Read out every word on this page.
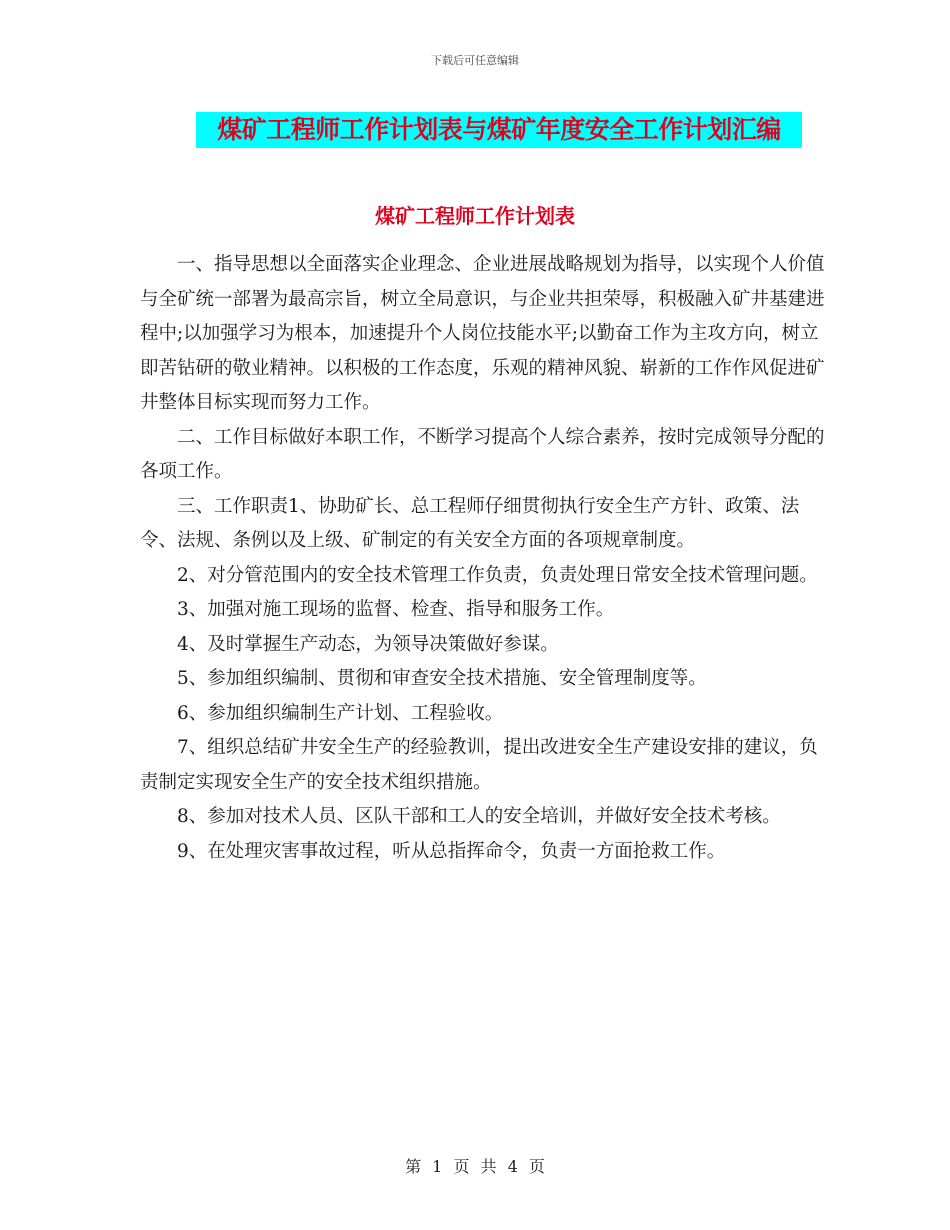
下载后可任意编辑
煤矿工程师工作计划表与煤矿年度安全工作计划汇编
煤矿工程师工作计划表

一、指导思想以全面落实企业理念、企业进展战略规划为指导，以实现个人价值与全矿统一部署为最高宗旨，树立全局意识，与企业共担荣辱，积极融入矿井基建进程中;以加强学习为根本，加速提升个人岗位技能水平;以勤奋工作为主攻方向，树立即苦钻研的敬业精神。以积极的工作态度，乐观的精神风貌、崭新的工作作风促进矿井整体目标实现而努力工作。

二、工作目标做好本职工作，不断学习提高个人综合素养，按时完成领导分配的各项工作。

三、工作职责1、协助矿长、总工程师仔细贯彻执行安全生产方针、政策、法令、法规、条例以及上级、矿制定的有关安全方面的各项规章制度。

2、对分管范围内的安全技术管理工作负责，负责处理日常安全技术管理问题。

3、加强对施工现场的监督、检查、指导和服务工作。

4、及时掌握生产动态，为领导决策做好参谋。

5、参加组织编制、贯彻和审查安全技术措施、安全管理制度等。

6、参加组织编制生产计划、工程验收。

7、组织总结矿井安全生产的经验教训，提出改进安全生产建设安排的建议，负责制定实现安全生产的安全技术组织措施。

8、参加对技术人员、区队干部和工人的安全培训，并做好安全技术考核。

9、在处理灾害事故过程，听从总指挥命令，负责一方面抢救工作。

第 1 页 共 4 页
